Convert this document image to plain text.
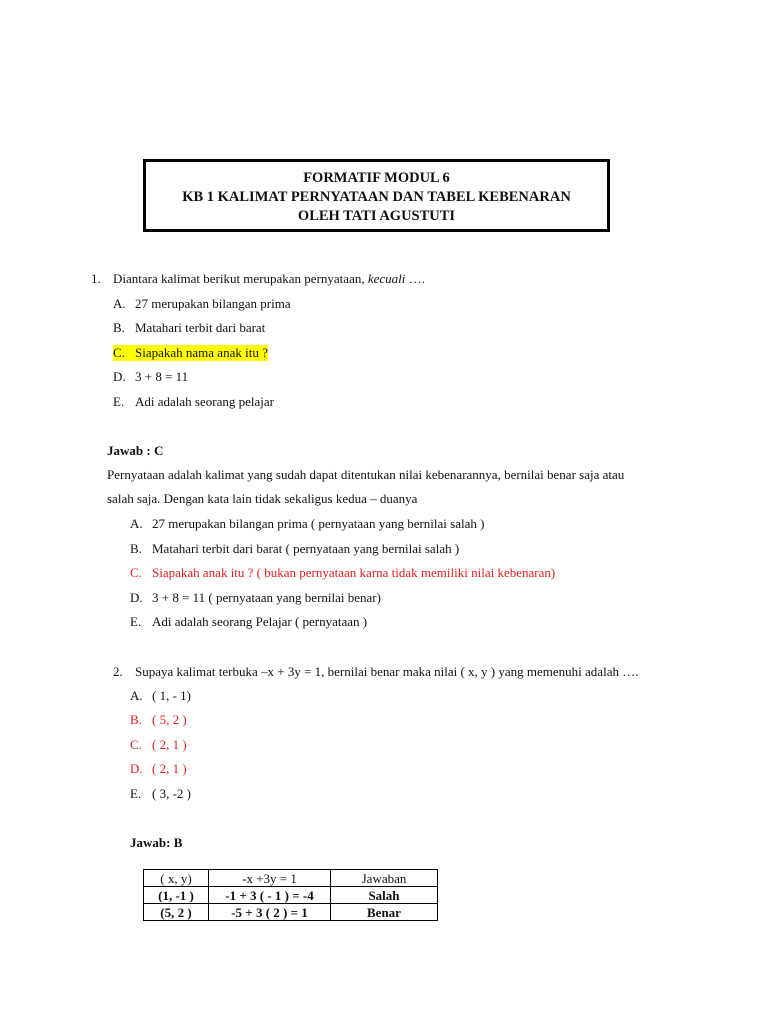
FORMATIF MODUL 6
KB 1 KALIMAT PERNYATAAN DAN TABEL KEBENARAN
OLEH TATI AGUSTUTI
1. Diantara kalimat berikut merupakan pernyataan, kecuali ….
A. 27 merupakan bilangan prima
B. Matahari terbit dari barat
C. Siapakah nama anak itu ?
D. 3 + 8 = 11
E. Adi adalah seorang pelajar
Jawab : C
Pernyataan adalah kalimat yang sudah dapat ditentukan nilai kebenarannya, bernilai benar saja atau
salah saja. Dengan kata lain tidak sekaligus kedua – duanya
A. 27 merupakan bilangan prima ( pernyataan yang bernilai salah )
B. Matahari terbit dari barat ( pernyataan yang bernilai salah )
C. Siapakah anak itu ? ( bukan pernyataan karna tidak memiliki nilai kebenaran)
D. 3 + 8 = 11 ( pernyataan yang bernilai benar)
E. Adi adalah seorang Pelajar ( pernyataan )
2. Supaya kalimat terbuka –x + 3y = 1, bernilai benar maka nilai ( x, y ) yang memenuhi adalah ….
A. ( 1, - 1)
B. ( 5, 2 )
C. ( 2, 1 )
D. ( 2, 1 )
E. ( 3, -2 )
Jawab: B
( x, y)	-x +3y = 1	Jawaban
(1, -1 )	-1 + 3 ( - 1 ) = -4	Salah
(5, 2 )	-5 + 3 ( 2 ) = 1	Benar
